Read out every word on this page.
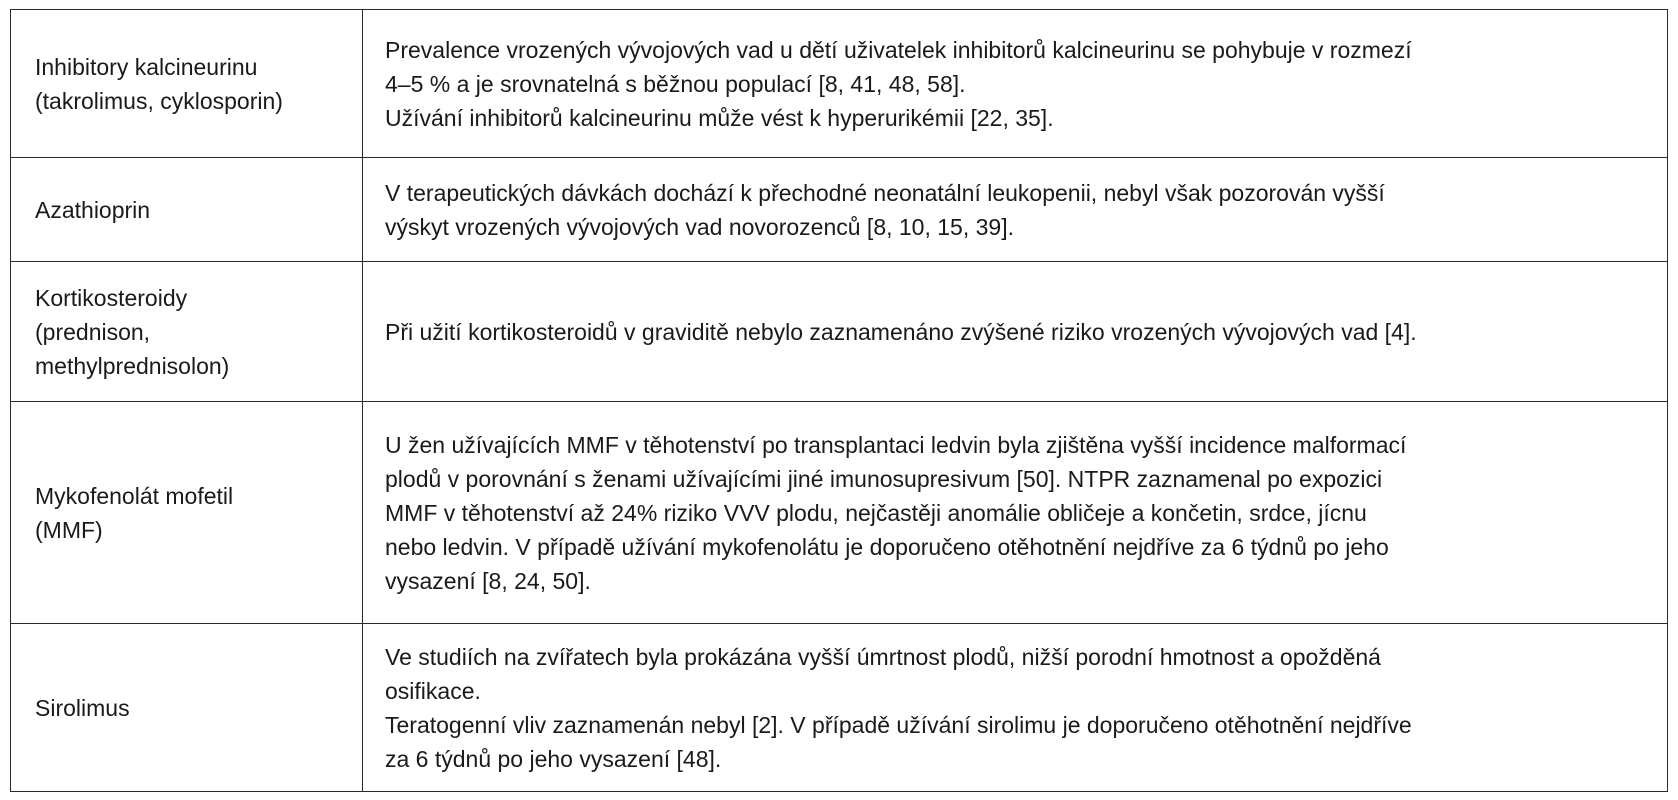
Inhibitory kalcineurinu
(takrolimus, cyklosporin)	Prevalence vrozených vývojových vad u dětí uživatelek inhibitorů kalcineurinu se pohybuje v rozmezí
4–5 % a je srovnatelná s běžnou populací [8, 41, 48, 58].
Užívání inhibitorů kalcineurinu může vést k hyperurikémii [22, 35].

Azathioprin	V terapeutických dávkách dochází k přechodné neonatální leukopenii, nebyl však pozorován vyšší
výskyt vrozených vývojových vad novorozenců [8, 10, 15, 39].

Kortikosteroidy
(prednison,
methylprednisolon)	Při užití kortikosteroidů v graviditě nebylo zaznamenáno zvýšené riziko vrozených vývojových vad [4].

Mykofenolát mofetil
(MMF)	U žen užívajících MMF v těhotenství po transplantaci ledvin byla zjištěna vyšší incidence malformací
plodů v porovnání s ženami užívajícími jiné imunosupresivum [50]. NTPR zaznamenal po expozici
MMF v těhotenství až 24% riziko VVV plodu, nejčastěji anomálie obličeje a končetin, srdce, jícnu
nebo ledvin. V případě užívání mykofenolátu je doporučeno otěhotnění nejdříve za 6 týdnů po jeho
vysazení [8, 24, 50].

Sirolimus	Ve studiích na zvířatech byla prokázána vyšší úmrtnost plodů, nižší porodní hmotnost a opožděná
osifikace.
Teratogenní vliv zaznamenán nebyl [2]. V případě užívání sirolimu je doporučeno otěhotnění nejdříve
za 6 týdnů po jeho vysazení [48].
